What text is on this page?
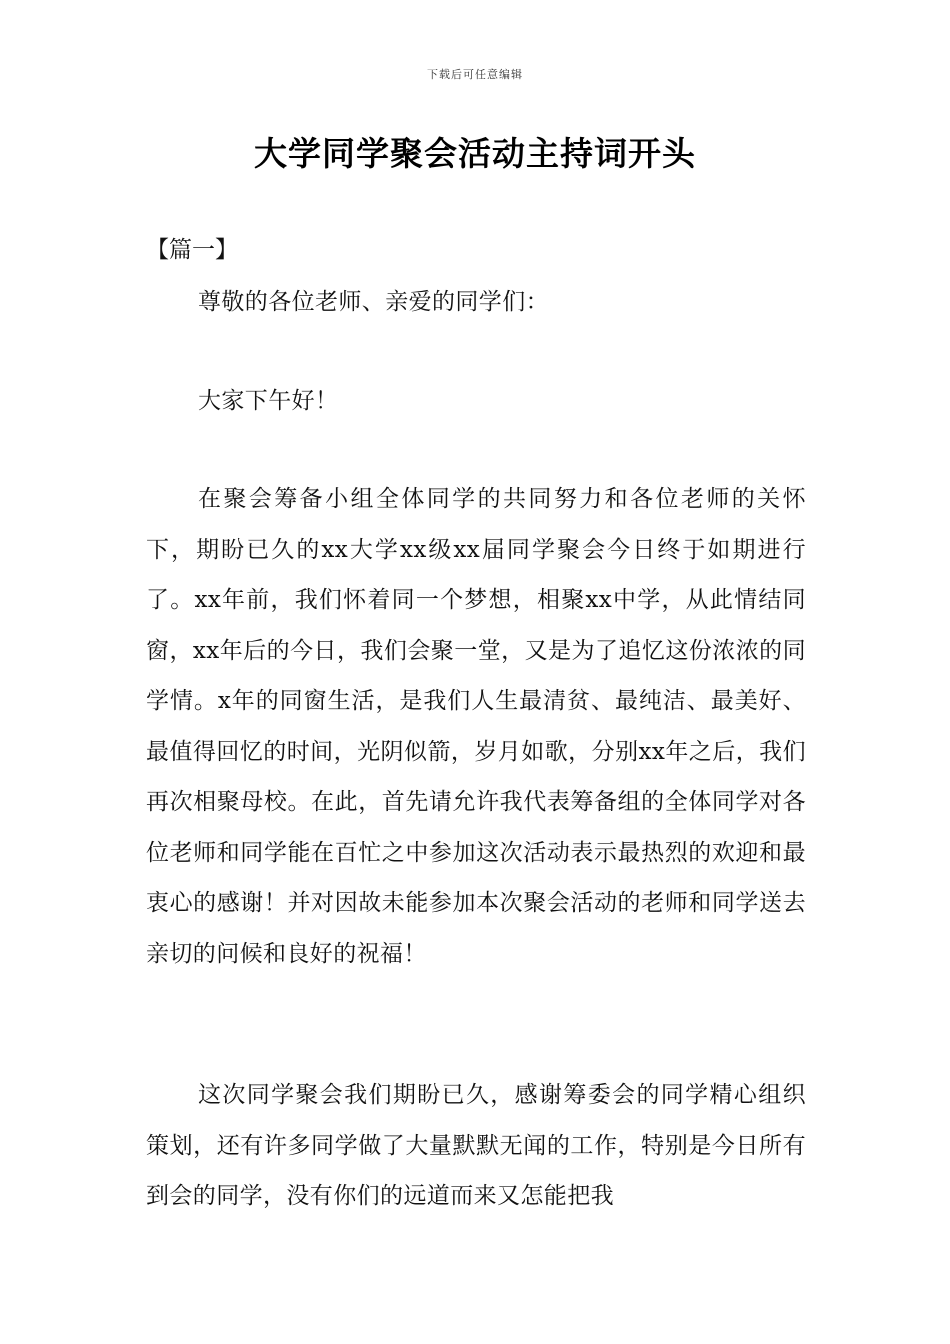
下载后可任意编辑
大学同学聚会活动主持词开头
【篇一】
尊敬的各位老师、亲爱的同学们：
大家下午好！
在聚会筹备小组全体同学的共同努力和各位老师的关怀下，期盼已久的xx大学xx级xx届同学聚会今日终于如期进行了。xx年前，我们怀着同一个梦想，相聚xx中学，从此情结同窗，xx年后的今日，我们会聚一堂，又是为了追忆这份浓浓的同学情。x年的同窗生活，是我们人生最清贫、最纯洁、最美好、最值得回忆的时间，光阴似箭，岁月如歌，分别xx年之后，我们再次相聚母校。在此，首先请允许我代表筹备组的全体同学对各位老师和同学能在百忙之中参加这次活动表示最热烈的欢迎和最衷心的感谢！并对因故未能参加本次聚会活动的老师和同学送去亲切的问候和良好的祝福！
这次同学聚会我们期盼已久，感谢筹委会的同学精心组织策划，还有许多同学做了大量默默无闻的工作，特别是今日所有到会的同学，没有你们的远道而来又怎能把我
